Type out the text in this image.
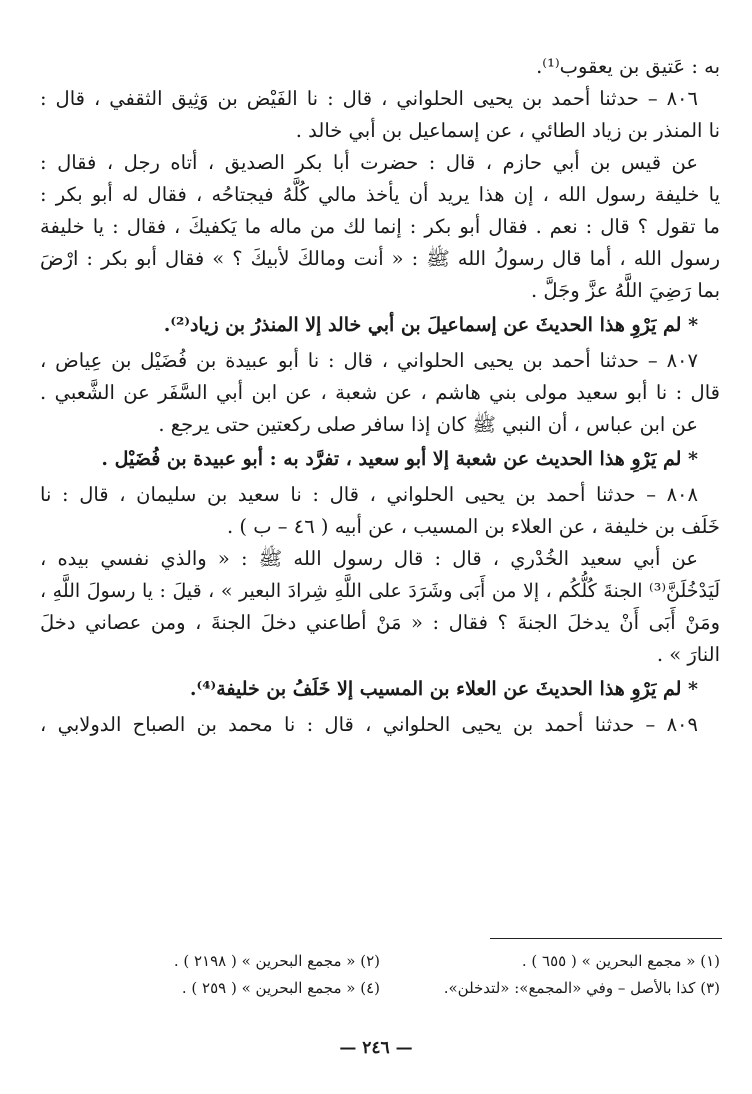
به : عَتيق بن يعقوب⁽¹⁾.
٨٠٦ – حدثنا أحمد بن يحيى الحلواني ، قال : نا الفَيْض بن وَثِيق الثقفي ، قال :
نا المنذر بن زياد الطائي ، عن إسماعيل بن أبي خالد .
عن قيس بن أبي حازم ، قال : حضرت أبا بكر الصديق ، أتاه رجل ، فقال :
يا خليفة رسول الله ، إن هذا يريد أن يأخذ مالي كُلَّهُ فيجتاحُه ، فقال له أبو بكر :
ما تقول ؟ قال : نعم . فقال أبو بكر : إنما لك من ماله ما يَكفيكَ ، فقال : يا خليفة
رسول الله ، أما قال رسولُ الله ﷺ : « أنت ومالكَ لأبيكَ ؟ » فقال أبو بكر : ارْضَ
بما رَضِيَ اللَّهُ عزَّ وجَلَّ .
* لم يَرْوِ هذا الحديثَ عن إسماعيلَ بن أبي خالد إلا المنذرُ بن زياد⁽²⁾.
٨٠٧ – حدثنا أحمد بن يحيى الحلواني ، قال : نا أبو عبيدة بن فُضَيْل بن عِياض ،
قال : نا أبو سعيد مولى بني هاشم ، عن شعبة ، عن ابن أبي السَّفَر عن الشَّعبي .
عن ابن عباس ، أن النبي ﷺ كان إذا سافر صلى ركعتين حتى يرجع .
* لم يَرْوِ هذا الحديث عن شعبة إلا أبو سعيد ، تفرَّد به : أبو عبيدة بن فُضَيْل .
٨٠٨ – حدثنا أحمد بن يحيى الحلواني ، قال : نا سعيد بن سليمان ، قال : نا
خَلَف بن خليفة ، عن العلاء بن المسيب ، عن أبيه ( ٤٦ – ب ) .
عن أبي سعيد الخُدْري ، قال : قال رسول الله ﷺ : « والذي نفسي بيده ،
لَيَدْخُلَنَّ⁽³⁾ الجنةَ كُلُّكُم ، إلا من أَبَى وشَرَدَ على اللَّهِ شِرادَ البعير » ، قيلَ : يا رسولَ اللَّهِ ،
ومَنْ أَبَى أَنْ يدخلَ الجنةَ ؟ فقال : « مَنْ أطاعني دخلَ الجنةَ ، ومن عصاني دخلَ
النارَ » .
* لم يَرْوِ هذا الحديثَ عن العلاء بن المسيب إلا خَلَفُ بن خليفة⁽⁴⁾.
٨٠٩ – حدثنا أحمد بن يحيى الحلواني ، قال : نا محمد بن الصباح الدولابي ،
(١) « مجمع البحرين » ( ٦٥٥ ) .
(٢) « مجمع البحرين » ( ٢١٩٨ ) .
(٣) كذا بالأصل – وفي «المجمع»: «لتدخلن».
(٤) « مجمع البحرين » ( ٢٥٩ ) .
— ٢٤٦ —
